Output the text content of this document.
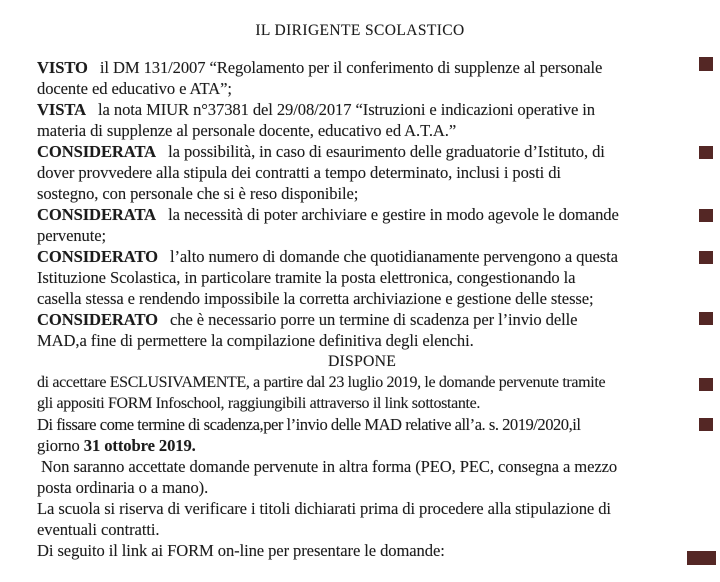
IL DIRIGENTE SCOLASTICO

VISTO il DM 131/2007 “Regolamento per il conferimento di supplenze al personale

docente ed educativo e ATA”;

VISTA la nota MIUR n°37381 del 29/08/2017 “Istruzioni e indicazioni operative in

materia di supplenze al personale docente, educativo ed A.T.A.”

CONSIDERATA la possibilità, in caso di esaurimento delle graduatorie d’Istituto, di

dover provvedere alla stipula dei contratti a tempo determinato, inclusi i posti di

sostegno, con personale che si è reso disponibile;

CONSIDERATA la necessità di poter archiviare e gestire in modo agevole le domande

pervenute;

CONSIDERATO l’alto numero di domande che quotidianamente pervengono a questa

Istituzione Scolastica, in particolare tramite la posta elettronica, congestionando la

casella stessa e rendendo impossibile la corretta archiviazione e gestione delle stesse;

CONSIDERATO che è necessario porre un termine di scadenza per l’invio delle

MAD,a fine di permettere la compilazione definitiva degli elenchi.

DISPONE

di accettare ESCLUSIVAMENTE, a partire dal 23 luglio 2019, le domande pervenute tramite

gli appositi FORM Infoschool, raggiungibili attraverso il link sottostante.

Di fissare come termine di scadenza,per l’invio delle MAD relative all’a. s. 2019/2020,il

giorno 31 ottobre 2019.

Non saranno accettate domande pervenute in altra forma (PEO, PEC, consegna a mezzo

posta ordinaria o a mano).

La scuola si riserva di verificare i titoli dichiarati prima di procedere alla stipulazione di

eventuali contratti.

Di seguito il link ai FORM on-line per presentare le domande:
